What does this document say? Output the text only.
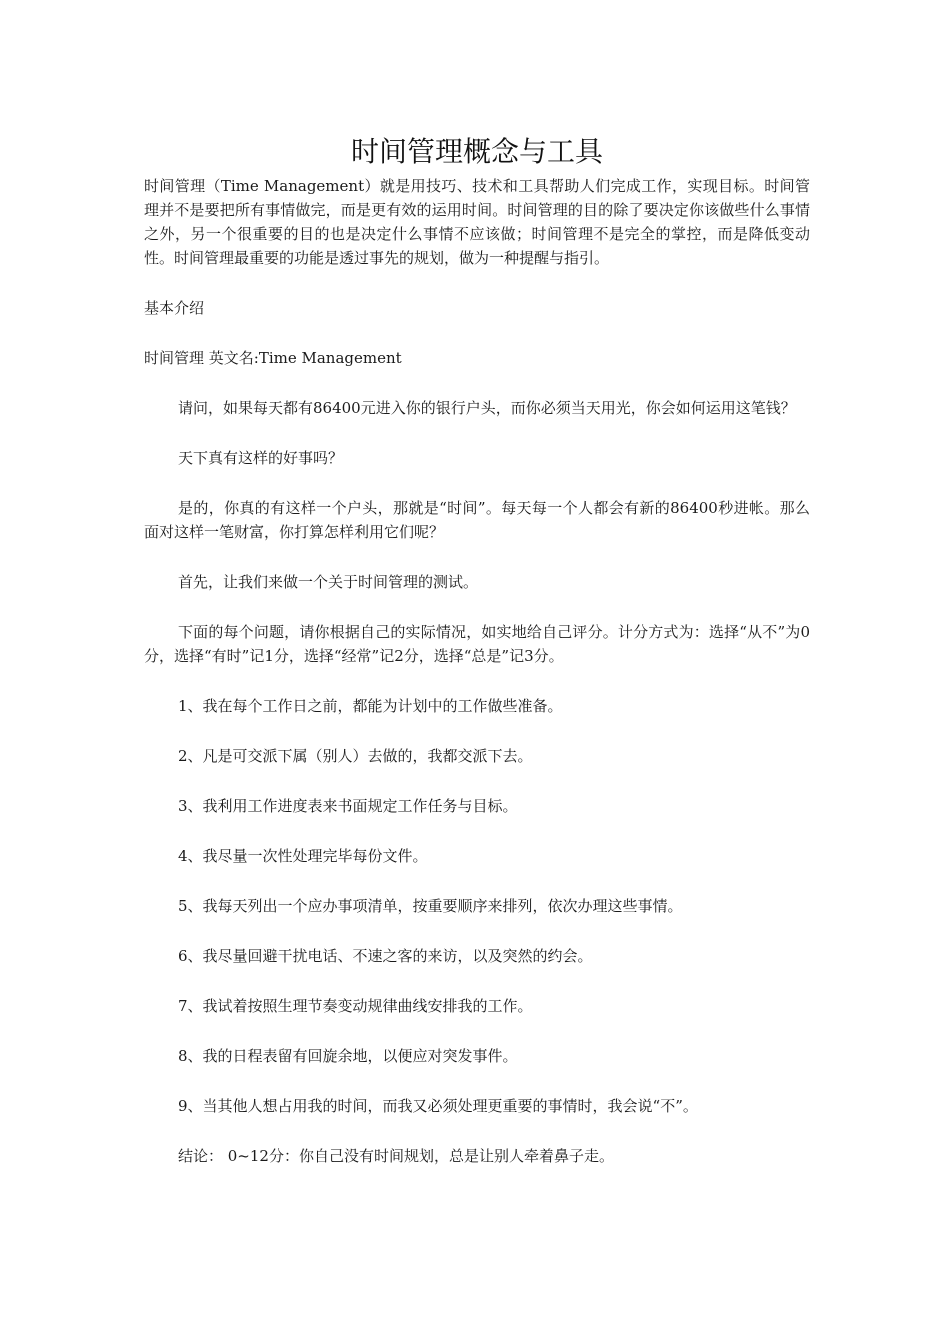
时间管理概念与工具

时间管理（Time Management）就是用技巧、技术和工具帮助人们完成工作，实现目标。时间管理并不是要把所有事情做完，而是更有效的运用时间。时间管理的目的除了要决定你该做些什么事情之外，另一个很重要的目的也是决定什么事情不应该做；时间管理不是完全的掌控，而是降低变动性。时间管理最重要的功能是透过事先的规划，做为一种提醒与指引。

基本介绍

时间管理 英文名:Time Management

请问，如果每天都有86400元进入你的银行户头，而你必须当天用光，你会如何运用这笔钱？

天下真有这样的好事吗？

是的，你真的有这样一个户头，那就是“时间”。每天每一个人都会有新的86400秒进帐。那么面对这样一笔财富，你打算怎样利用它们呢？

首先，让我们来做一个关于时间管理的测试。

下面的每个问题，请你根据自己的实际情况，如实地给自己评分。计分方式为：选择“从不”为0分，选择“有时”记1分，选择“经常”记2分，选择“总是”记3分。

1、我在每个工作日之前，都能为计划中的工作做些准备。

2、凡是可交派下属（别人）去做的，我都交派下去。

3、我利用工作进度表来书面规定工作任务与目标。

4、我尽量一次性处理完毕每份文件。

5、我每天列出一个应办事项清单，按重要顺序来排列，依次办理这些事情。

6、我尽量回避干扰电话、不速之客的来访，以及突然的约会。

7、我试着按照生理节奏变动规律曲线安排我的工作。

8、我的日程表留有回旋余地，以便应对突发事件。

9、当其他人想占用我的时间，而我又必须处理更重要的事情时，我会说“不”。

结论： 0~12分：你自己没有时间规划，总是让别人牵着鼻子走。
